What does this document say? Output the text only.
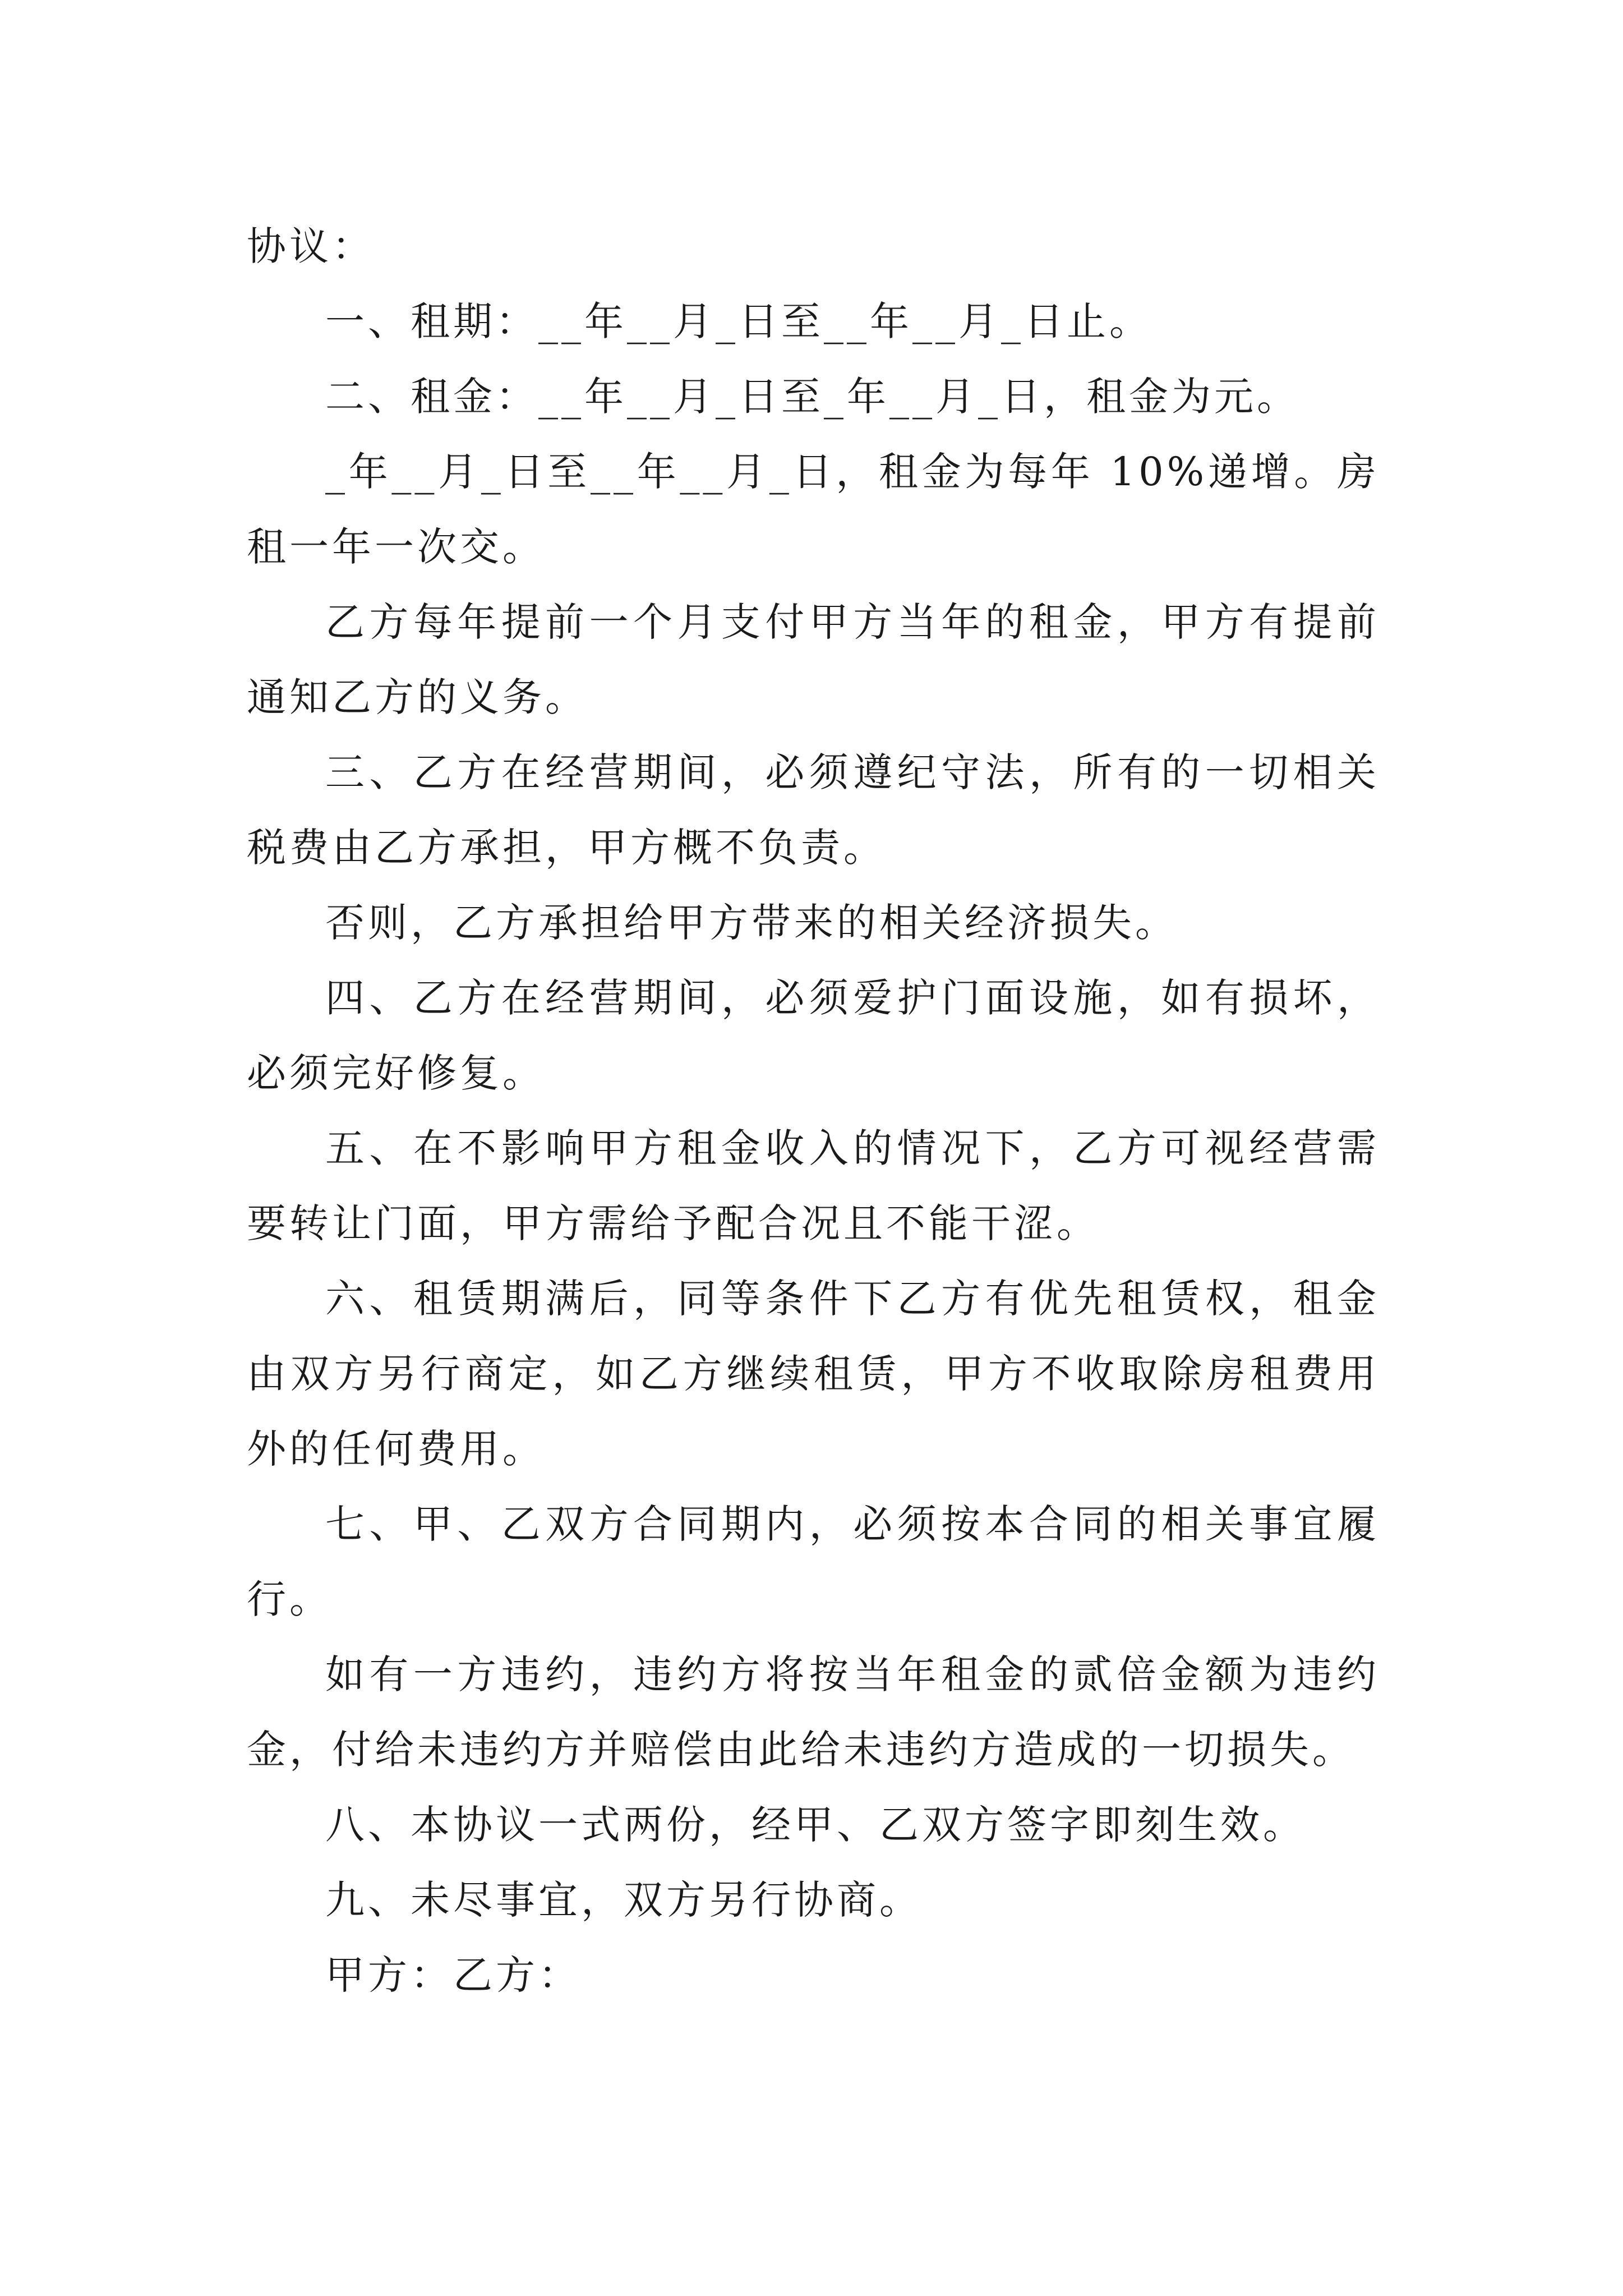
协议：

一、租期：__年__月_日至__年__月_日止。

二、租金：__年__月_日至_年__月_日，租金为元。

_年__月_日至__年__月_日，租金为每年 10%递增。房租一年一次交。

乙方每年提前一个月支付甲方当年的租金，甲方有提前通知乙方的义务。

三、乙方在经营期间，必须遵纪守法，所有的一切相关税费由乙方承担，甲方概不负责。

否则，乙方承担给甲方带来的相关经济损失。

四、乙方在经营期间，必须爱护门面设施，如有损坏，必须完好修复。

五、在不影响甲方租金收入的情况下，乙方可视经营需要转让门面，甲方需给予配合况且不能干涩。

六、租赁期满后，同等条件下乙方有优先租赁权，租金由双方另行商定，如乙方继续租赁，甲方不收取除房租费用外的任何费用。

七、甲、乙双方合同期内，必须按本合同的相关事宜履行。

如有一方违约，违约方将按当年租金的贰倍金额为违约金，付给未违约方并赔偿由此给未违约方造成的一切损失。

八、本协议一式两份，经甲、乙双方签字即刻生效。

九、未尽事宜，双方另行协商。

甲方：乙方：
